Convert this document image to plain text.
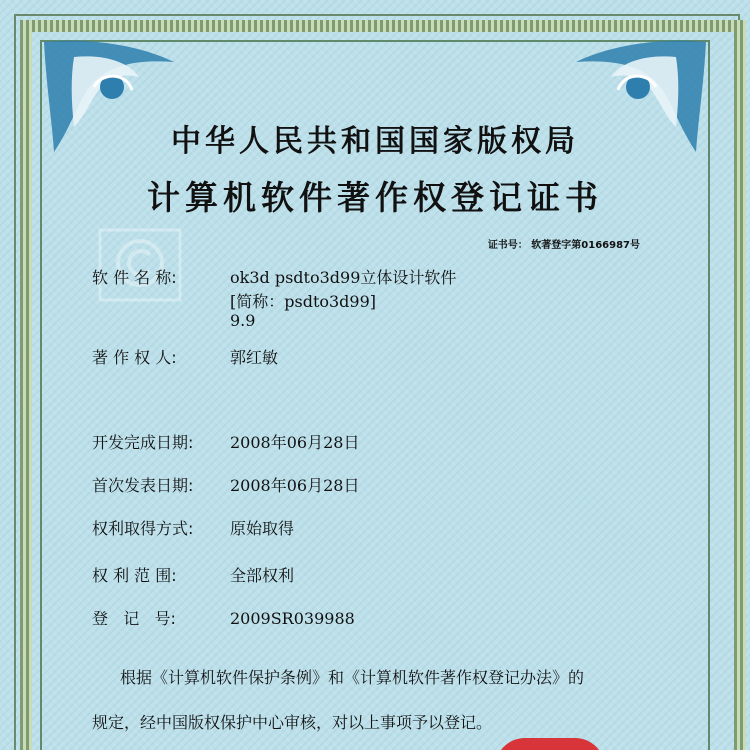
中华人民共和国国家版权局
计算机软件著作权登记证书
证书号： 软著登字第0166987号
软 件 名 称:	ok3d psdto3d99立体设计软件
[简称：psdto3d99]
9.9
著 作 权 人:	郭红敏
开发完成日期: 2008年06月28日
首次发表日期: 2008年06月28日
权利取得方式: 原始取得
权 利 范 围:	全部权利
登   记   号:	2009SR039988
根据《计算机软件保护条例》和《计算机软件著作权登记办法》的
规定，经中国版权保护中心审核，对以上事项予以登记。
